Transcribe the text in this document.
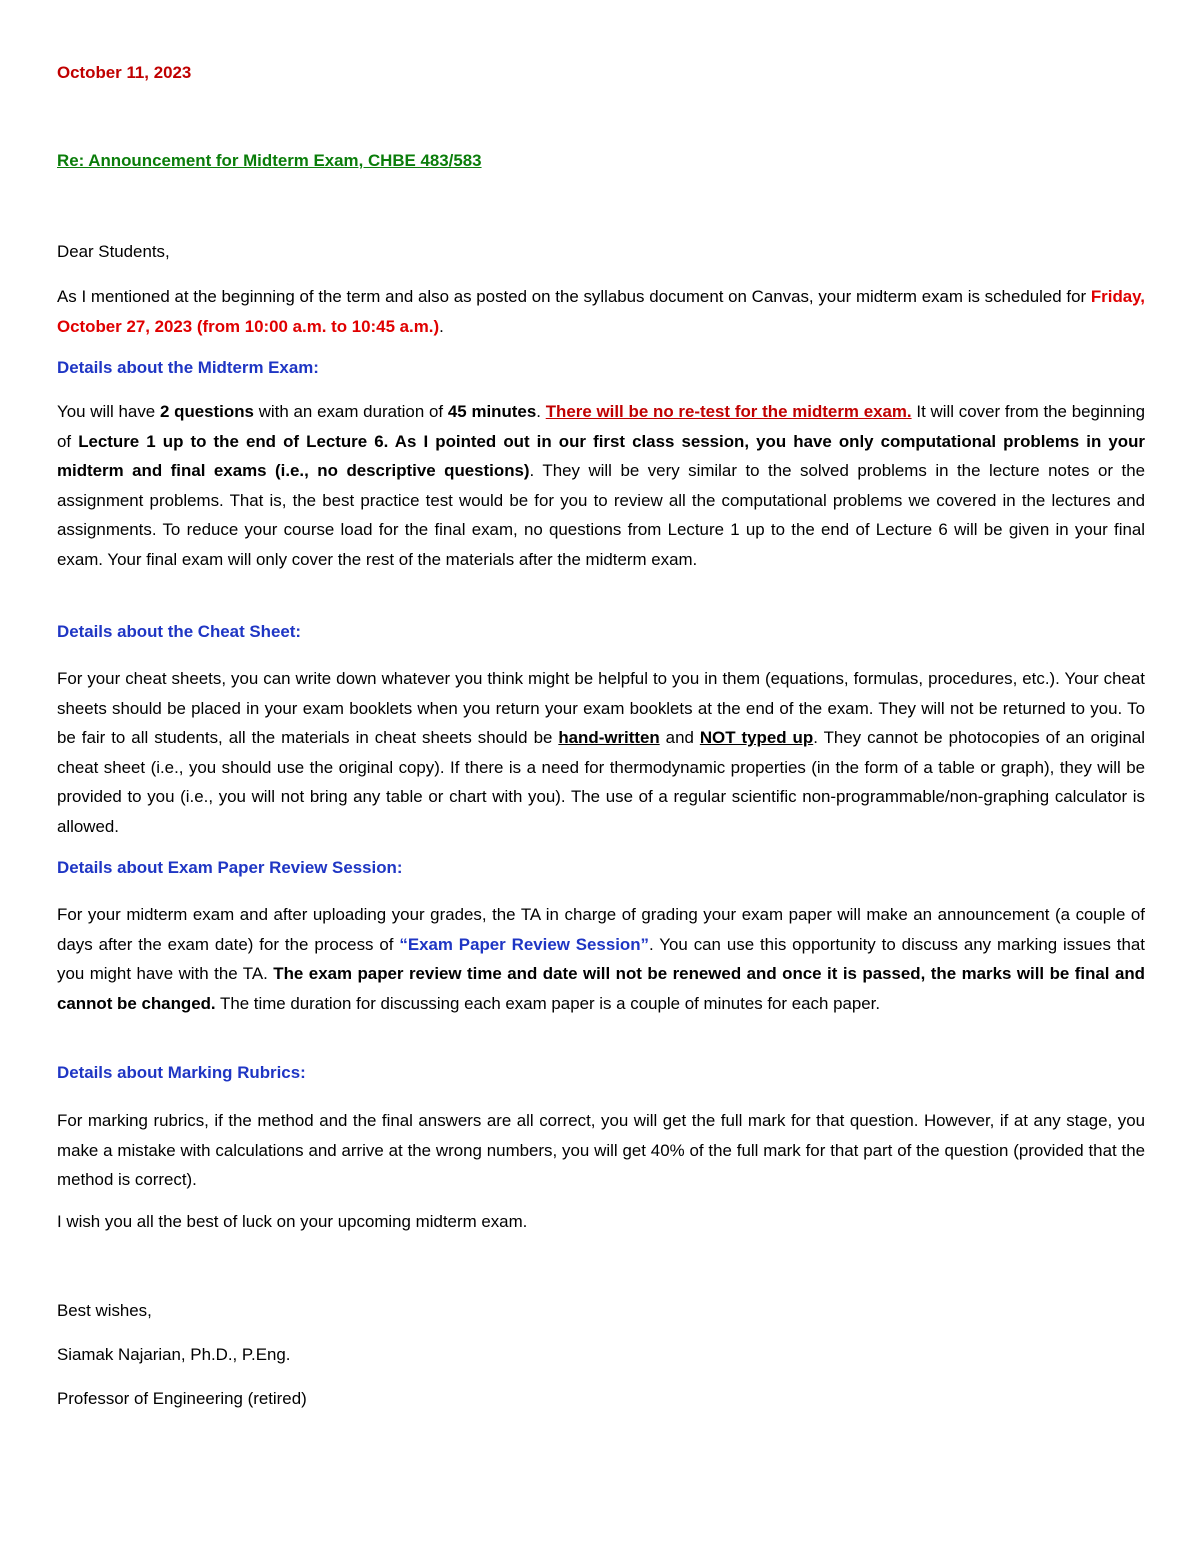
October 11, 2023
Re: Announcement for Midterm Exam, CHBE 483/583
Dear Students,

As I mentioned at the beginning of the term and also as posted on the syllabus document on Canvas, your midterm exam is scheduled for Friday, October 27, 2023 (from 10:00 a.m. to 10:45 a.m.).

Details about the Midterm Exam:

You will have 2 questions with an exam duration of 45 minutes. There will be no re-test for the midterm exam. It will cover from the beginning of Lecture 1 up to the end of Lecture 6. As I pointed out in our first class session, you have only computational problems in your midterm and final exams (i.e., no descriptive questions). They will be very similar to the solved problems in the lecture notes or the assignment problems. That is, the best practice test would be for you to review all the computational problems we covered in the lectures and assignments. To reduce your course load for the final exam, no questions from Lecture 1 up to the end of Lecture 6 will be given in your final exam. Your final exam will only cover the rest of the materials after the midterm exam.

Details about the Cheat Sheet:

For your cheat sheets, you can write down whatever you think might be helpful to you in them (equations, formulas, procedures, etc.). Your cheat sheets should be placed in your exam booklets when you return your exam booklets at the end of the exam. They will not be returned to you. To be fair to all students, all the materials in cheat sheets should be hand-written and NOT typed up. They cannot be photocopies of an original cheat sheet (i.e., you should use the original copy). If there is a need for thermodynamic properties (in the form of a table or graph), they will be provided to you (i.e., you will not bring any table or chart with you). The use of a regular scientific non-programmable/non-graphing calculator is allowed.

Details about Exam Paper Review Session:

For your midterm exam and after uploading your grades, the TA in charge of grading your exam paper will make an announcement (a couple of days after the exam date) for the process of “Exam Paper Review Session”. You can use this opportunity to discuss any marking issues that you might have with the TA. The exam paper review time and date will not be renewed and once it is passed, the marks will be final and cannot be changed. The time duration for discussing each exam paper is a couple of minutes for each paper.

Details about Marking Rubrics:

For marking rubrics, if the method and the final answers are all correct, you will get the full mark for that question. However, if at any stage, you make a mistake with calculations and arrive at the wrong numbers, you will get 40% of the full mark for that part of the question (provided that the method is correct).

I wish you all the best of luck on your upcoming midterm exam.
Best wishes,
Siamak Najarian, Ph.D., P.Eng.
Professor of Engineering (retired)
